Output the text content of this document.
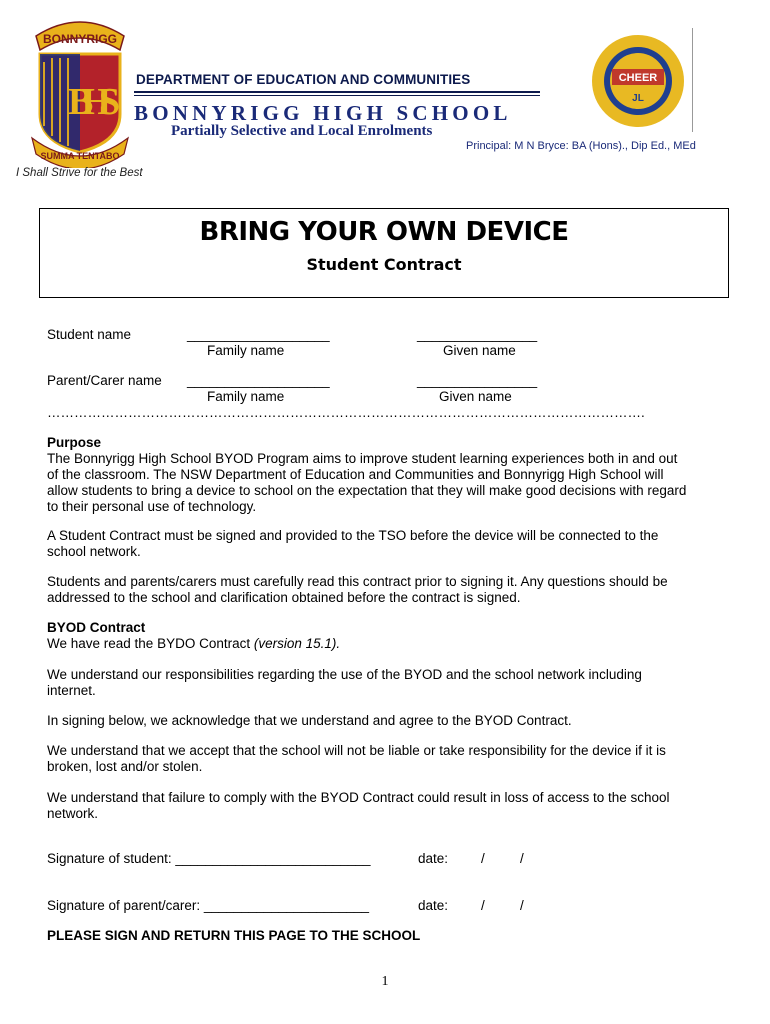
BONNYRIGG
BHS
SUMMA TENTABO
DEPARTMENT OF EDUCATION AND COMMUNITIES
BONNYRIGG HIGH SCHOOL
Partially Selective and Local Enrolments
Principal: M N Bryce: BA (Hons)., Dip Ed., MEd
I Shall Strive for the Best
CHEER
JL
BRING YOUR OWN DEVICE
Student Contract
Student name	___________________	________________
Family name	Given name
Parent/Carer name ___________________	________________
Family name	Given name
…………………………………………………………………………………………………………………….
Purpose
The Bonnyrigg High School BYOD Program aims to improve student learning experiences both in and out
of the classroom. The NSW Department of Education and Communities and Bonnyrigg High School will
allow students to bring a device to school on the expectation that they will make good decisions with regard
to their personal use of technology.
A Student Contract must be signed and provided to the TSO before the device will be connected to the
school network.
Students and parents/carers must carefully read this contract prior to signing it. Any questions should be
addressed to the school and clarification obtained before the contract is signed.
BYOD Contract
We have read the BYDO Contract (version 15.1).
We understand our responsibilities regarding the use of the BYOD and the school network including
internet.
In signing below, we acknowledge that we understand and agree to the BYOD Contract.
We understand that we accept that the school will not be liable or take responsibility for the device if it is
broken, lost and/or stolen.
We understand that failure to comply with the BYOD Contract could result in loss of access to the school
network.
Signature of student: __________________________	date: /	/
Signature of parent/carer: ______________________	date: /	/
PLEASE SIGN AND RETURN THIS PAGE TO THE SCHOOL
1
